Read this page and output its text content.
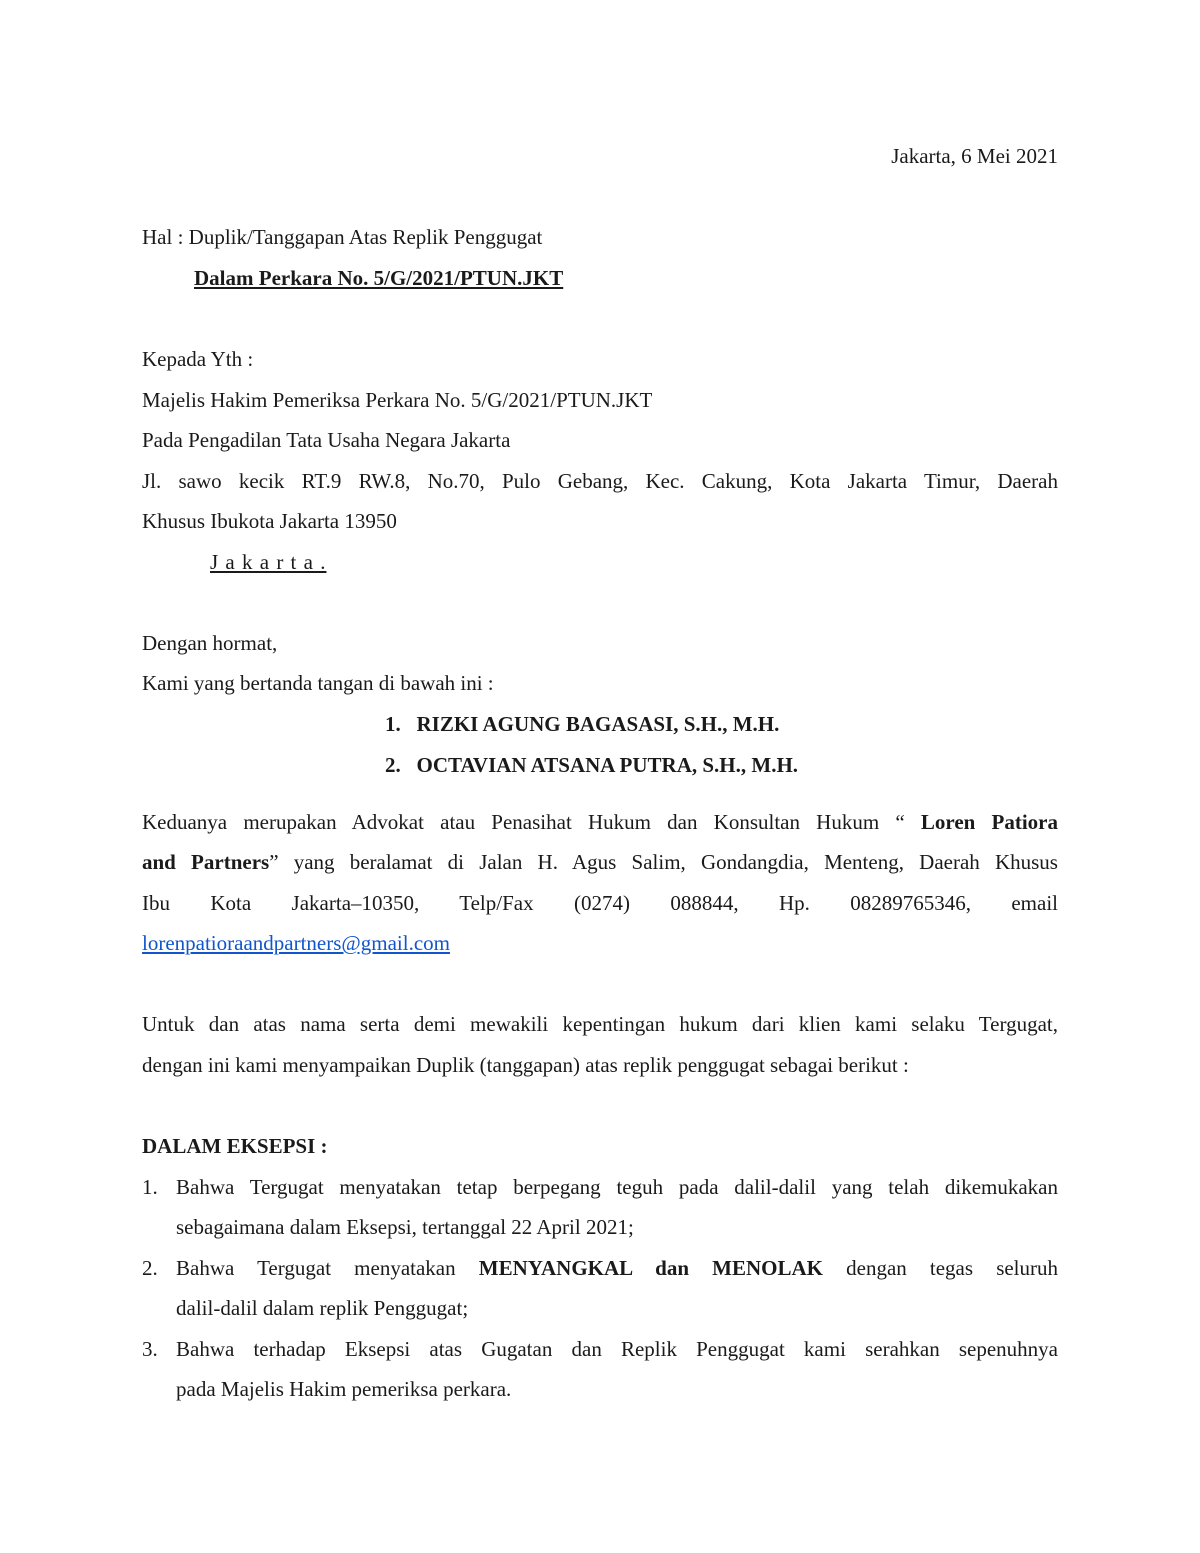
Jakarta, 6 Mei 2021
Hal : Duplik/Tanggapan Atas Replik Penggugat
Dalam Perkara No. 5/G/2021/PTUN.JKT
Kepada Yth :
Majelis Hakim Pemeriksa Perkara No. 5/G/2021/PTUN.JKT
Pada Pengadilan Tata Usaha Negara Jakarta
Jl. sawo kecik RT.9 RW.8, No.70, Pulo Gebang, Kec. Cakung, Kota Jakarta Timur, Daerah
Khusus Ibukota Jakarta 13950
J a k a r t a .
Dengan hormat,
Kami yang bertanda tangan di bawah ini :
1. RIZKI AGUNG BAGASASI, S.H., M.H.
2. OCTAVIAN ATSANA PUTRA, S.H., M.H.
Keduanya merupakan Advokat atau Penasihat Hukum dan Konsultan Hukum “ Loren Patiora
and Partners” yang beralamat di Jalan H. Agus Salim, Gondangdia, Menteng, Daerah Khusus
Ibu Kota Jakarta–10350, Telp/Fax (0274) 088844, Hp. 08289765346, email
lorenpatioraandpartners@gmail.com
Untuk dan atas nama serta demi mewakili kepentingan hukum dari klien kami selaku Tergugat,
dengan ini kami menyampaikan Duplik (tanggapan) atas replik penggugat sebagai berikut :
DALAM EKSEPSI :
1. Bahwa Tergugat menyatakan tetap berpegang teguh pada dalil-dalil yang telah dikemukakan
sebagaimana dalam Eksepsi, tertanggal 22 April 2021;
2. Bahwa Tergugat menyatakan MENYANGKAL dan MENOLAK dengan tegas seluruh
dalil-dalil dalam replik Penggugat;
3. Bahwa terhadap Eksepsi atas Gugatan dan Replik Penggugat kami serahkan sepenuhnya
pada Majelis Hakim pemeriksa perkara.
